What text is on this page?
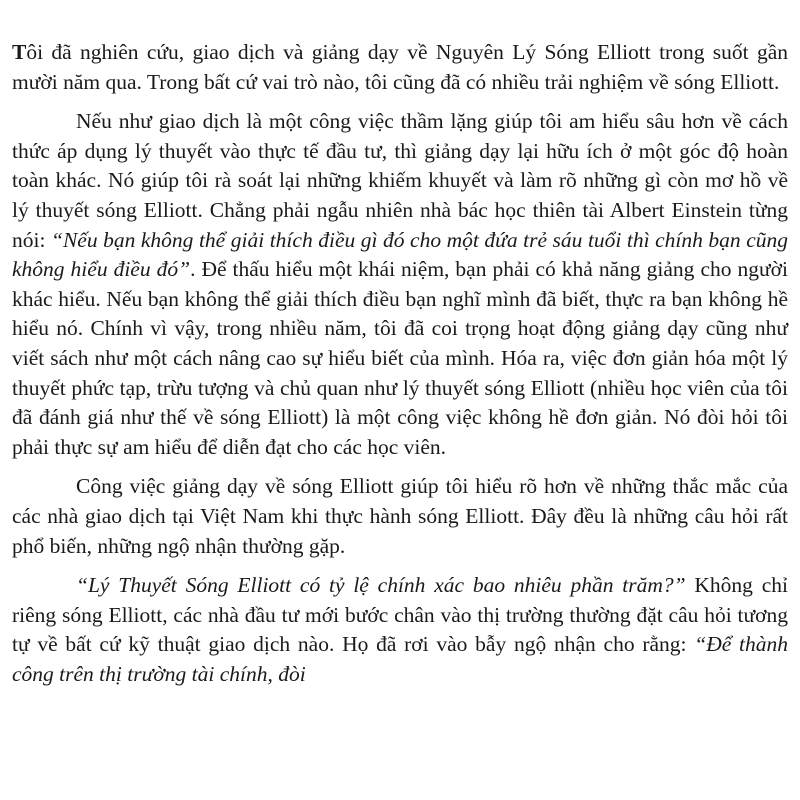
Tôi đã nghiên cứu, giao dịch và giảng dạy về Nguyên Lý Sóng Elliott trong suốt gần mười năm qua. Trong bất cứ vai trò nào, tôi cũng đã có nhiều trải nghiệm về sóng Elliott.

Nếu như giao dịch là một công việc thầm lặng giúp tôi am hiểu sâu hơn về cách thức áp dụng lý thuyết vào thực tế đầu tư, thì giảng dạy lại hữu ích ở một góc độ hoàn toàn khác. Nó giúp tôi rà soát lại những khiếm khuyết và làm rõ những gì còn mơ hồ về lý thuyết sóng Elliott. Chẳng phải ngẫu nhiên nhà bác học thiên tài Albert Einstein từng nói: “Nếu bạn không thể giải thích điều gì đó cho một đứa trẻ sáu tuổi thì chính bạn cũng không hiểu điều đó”. Để thấu hiểu một khái niệm, bạn phải có khả năng giảng cho người khác hiểu. Nếu bạn không thể giải thích điều bạn nghĩ mình đã biết, thực ra bạn không hề hiểu nó. Chính vì vậy, trong nhiều năm, tôi đã coi trọng hoạt động giảng dạy cũng như viết sách như một cách nâng cao sự hiểu biết của mình. Hóa ra, việc đơn giản hóa một lý thuyết phức tạp, trừu tượng và chủ quan như lý thuyết sóng Elliott (nhiều học viên của tôi đã đánh giá như thế về sóng Elliott) là một công việc không hề đơn giản. Nó đòi hỏi tôi phải thực sự am hiểu để diễn đạt cho các học viên.

Công việc giảng dạy về sóng Elliott giúp tôi hiểu rõ hơn về những thắc mắc của các nhà giao dịch tại Việt Nam khi thực hành sóng Elliott. Đây đều là những câu hỏi rất phổ biến, những ngộ nhận thường gặp.

“Lý Thuyết Sóng Elliott có tỷ lệ chính xác bao nhiêu phần trăm?” Không chỉ riêng sóng Elliott, các nhà đầu tư mới bước chân vào thị trường thường đặt câu hỏi tương tự về bất cứ kỹ thuật giao dịch nào. Họ đã rơi vào bẫy ngộ nhận cho rằng: “Để thành công trên thị trường tài chính, đòi
